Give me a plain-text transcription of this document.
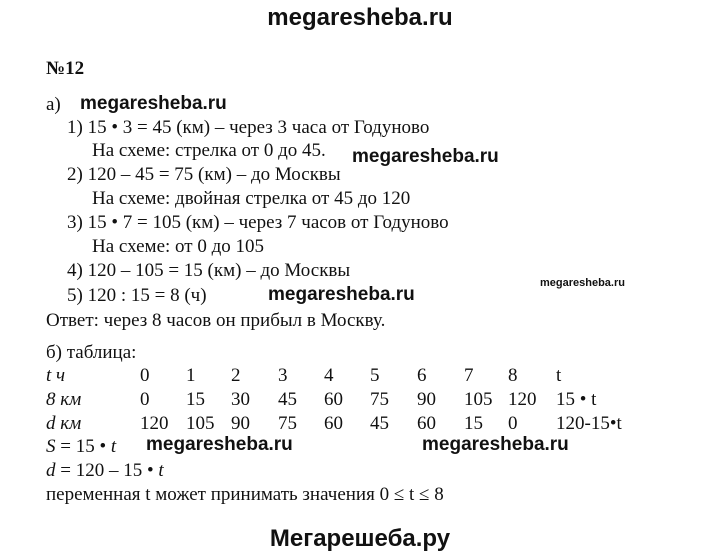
megaresheba.ru
№12
а) megaresheba.ru
1) 15 • 3 = 45 (км) – через 3 часа от Годуново
На схеме: стрелка от 0 до 45. megaresheba.ru
2) 120 – 45 = 75 (км) – до Москвы
На схеме: двойная стрелка от 45 до 120
3) 15 • 7 = 105 (км) – через 7 часов от Годуново
На схеме: от 0 до 105
4) 120 – 105 = 15 (км) – до Москвы
megaresheba.ru
5) 120 : 15 = 8 (ч)	megaresheba.ru
Ответ: через 8 часов он прибыл в Москву.
б) таблица:
t ч	0 1 2 3 4 5 6 7 8 t
8 км	0 15 30 45 60 75 90 105 120 15 • t
d км	120 105 90 75 60 45 60 15 0 120-15•t
S = 15 • t megaresheba.ru	megaresheba.ru
d = 120 – 15 • t
переменная t может принимать значения 0 ≤ t ≤ 8
Мегарешеба.ру
